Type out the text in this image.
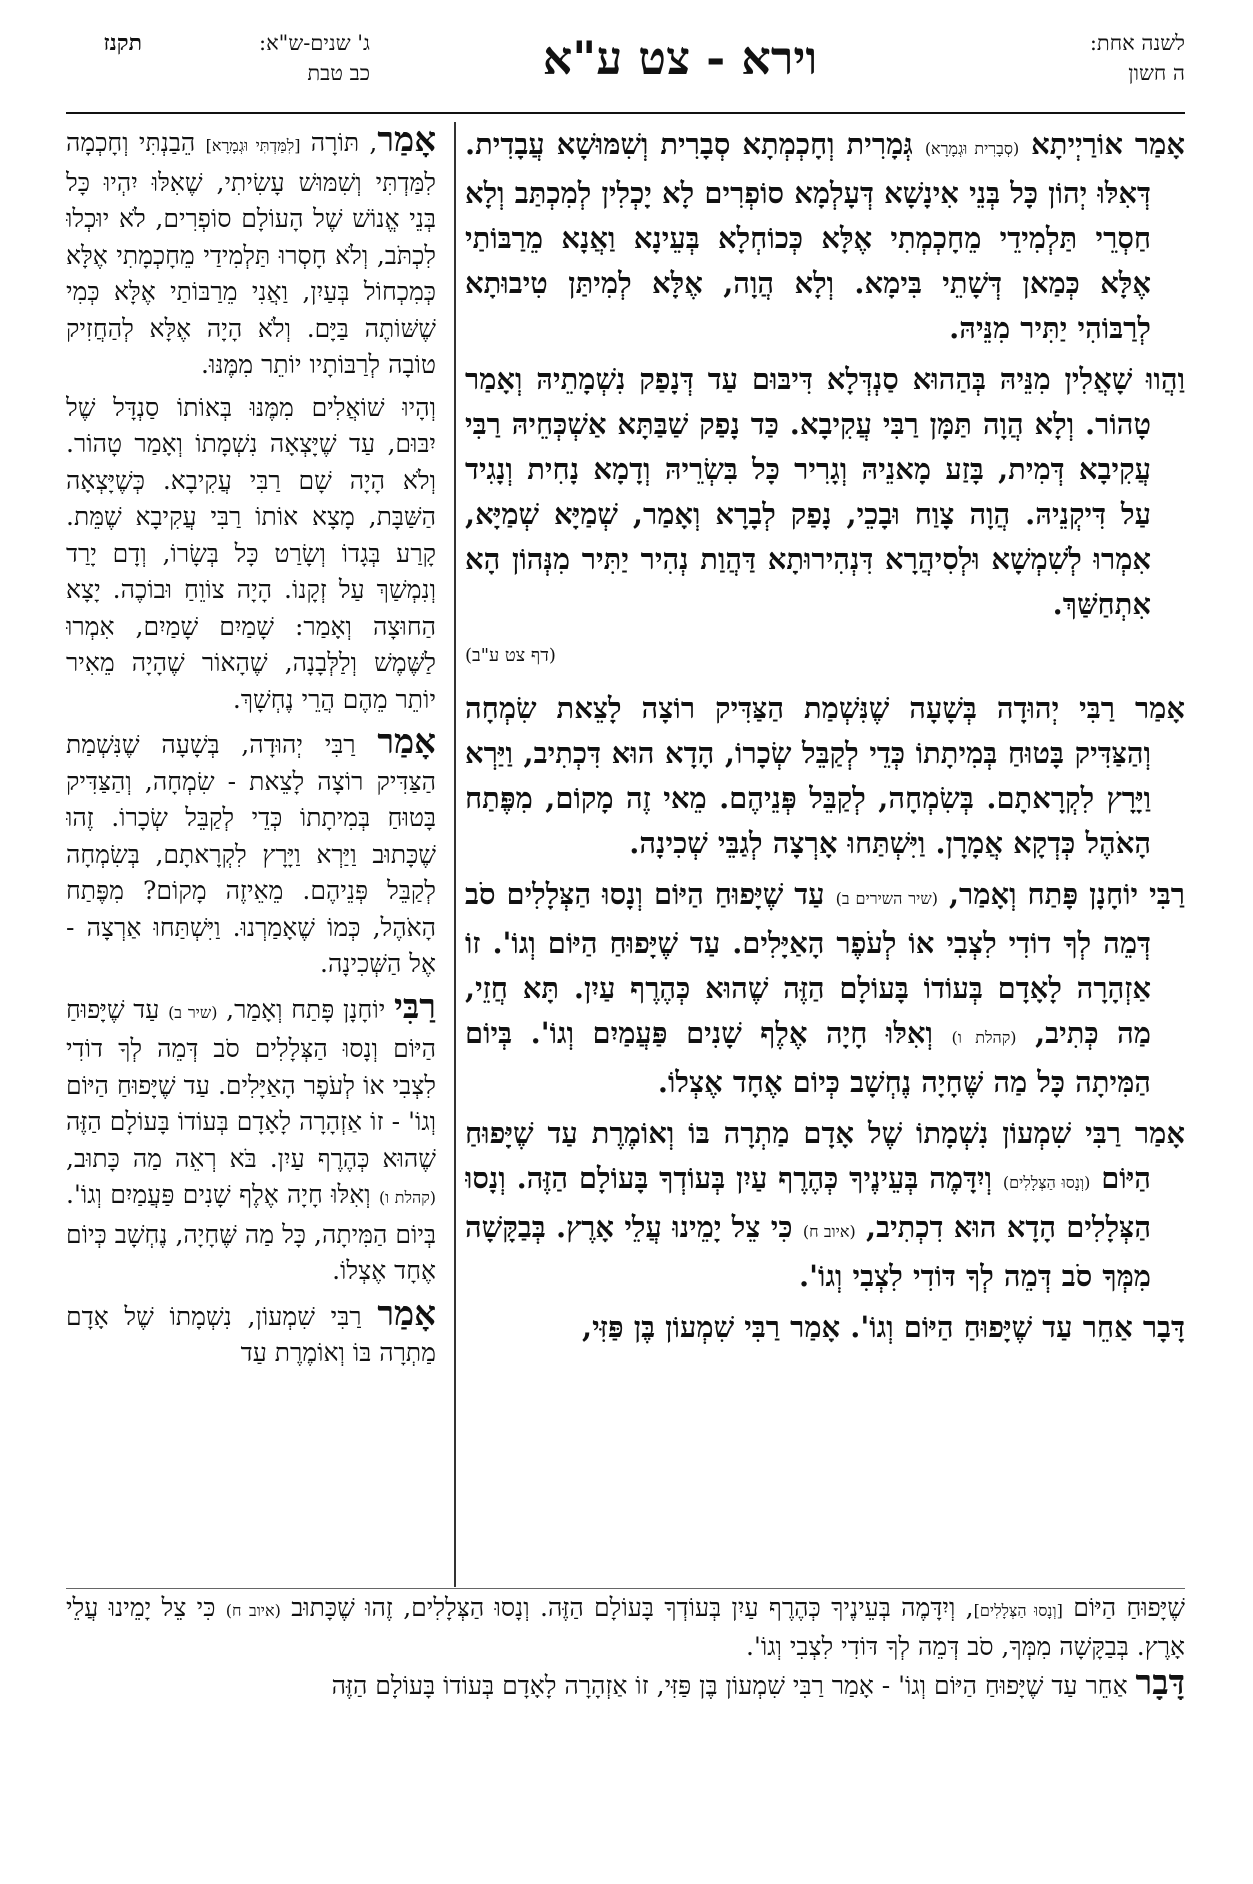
לשנה אחת:
ה חשון
וירא - צט ע"א
ג' שנים-ש"א:
כב טבת
תקנז

אָמַר אוֹרַיְיתָא (סְבָרִית וּגְמָרָא) גְּמָרִית וְחָכְמְתָא סְבָרִית וְשִׁמּוּשָׁא עֲבָדִית. דְּאִלּוּ יְהוֹן כָּל בְּנֵי אִינָשָׁא דְּעָלְמָא סוֹפְרִים לָא יָכְלִין לְמִכְתַּב וְלָא חַסְרֵי תַּלְמִידֵי מֵחָכְמְתִי אֶלָּא כְּכוֹחְלָא בְּעֵינָא וַאֲנָא מֵרַבּוֹתַי אֶלָּא כְּמַאן דְּשָׁתֵי בִּימָא. וְלָא הֲוָה, אֶלָּא לְמִיתַּן טִיבוּתָא לְרַבּוֹהִי יַתִּיר מִנֵּיהּ.

וַהֲווּ שָׁאֲלִין מִנֵּיהּ בְּהַהוּא סַנְדְּלָא דִּיבּוּם עַד דְּנָפַק נִשְׁמָתֵיהּ וְאָמַר טָהוֹר. וְלָא הֲוָה תַּמָּן רַבִּי עֲקִיבָא. כַּד נָפַק שַׁבַּתָּא אַשְׁכְּחֵיהּ רַבִּי עֲקִיבָא דְּמִית, בָּזַע מָאנֵיהּ וְגָרִיר כָּל בִּשְׂרֵיהּ וְדָמָא נָחִית וְנָגִיד עַל דִּיקְנֵיהּ. הֲוָה צָוַח וּבָכֵי, נָפַק לְבָרָא וְאָמַר, שְׁמַיָּא שְׁמַיָּא, אִמְרוּ לְשִׁמְשָׁא וּלְסִיהֲרָא דִּנְהִירוּתָא דַּהֲוַת נְהִיר יַתִּיר מִנְּהוֹן הָא אִתְחַשַּׁךְ.

(דף צט ע"ב)

אָמַר רַבִּי יְהוּדָה בְּשָׁעָה שֶׁנִּשְׁמַת הַצַּדִּיק רוֹצָה לָצֵאת שִׂמְחָה וְהַצַּדִּיק בָּטוּחַ בְּמִיתָתוֹ כְּדֵי לְקַבֵּל שְׂכָרוֹ, הָדָא הוּא דִּכְתִיב, וַיַּרְא וַיָּרָץ לִקְרָאתָם. בְּשִׂמְחָה, לְקַבֵּל פְּנֵיהֶם. מֵאי זֶה מָקוֹם, מִפֶּתַח הָאֹהֶל כְּדְקָא אֲמָרָן. וַיִּשְׁתַּחוּ אָרְצָה לְגַבֵּי שְׁכִינָה.

רַבִּי יוֹחָנָן פָּתַח וְאָמַר, (שיר השירים ב) עַד שֶׁיָּפוּחַ הַיּוֹם וְנָסוּ הַצְּלָלִים סֹב דְּמֵה לְךָ דוֹדִי לִצְבִי אוֹ לְעֹפֶר הָאַיָּלִים. עַד שֶׁיָּפוּחַ הַיּוֹם וְגוֹ'. זוֹ אַזְהָרָה לָאָדָם בְּעוֹדוֹ בָּעוֹלָם הַזֶּה שֶׁהוּא כְּהֶרֶף עַיִן. תָּא חֲזֵי, מַה כְּתִיב, (קהלת ו) וְאִלּוּ חָיָה אֶלֶף שָׁנִים פַּעֲמַיִם וְגוֹ'. בְּיוֹם הַמִּיתָה כָּל מַה שֶּׁחָיָה נֶחְשָׁב כְּיוֹם אֶחָד אֶצְלוֹ.

אָמַר רַבִּי שִׁמְעוֹן נִשְׁמָתוֹ שֶׁל אָדָם מַתְרָה בּוֹ וְאוֹמֶרֶת עַד שֶׁיָּפוּחַ הַיּוֹם (וְנָסוּ הַצְּלָלִים) וְיִדָּמֶה בְּעֵינֶיךָ כְּהֶרֶף עַיִן בְּעוֹדְךָ בָּעוֹלָם הַזֶּה. וְנָסוּ הַצְּלָלִים הָדָא הוּא דִכְתִיב, (איוב ח) כִּי צֵל יָמֵינוּ עֲלֵי אָרֶץ. בְּבַקָּשָׁה מִמְּךָ סֹב דְּמֵה לְךָ דּוֹדִי לִצְבִי וְגוֹ'.

דָּבָר אַחֵר עַד שֶׁיָּפוּחַ הַיּוֹם וְגוֹ'. אָמַר רַבִּי שִׁמְעוֹן בֶּן פַּזִּי,

אָמַר, תּוֹרָה [לִמַּדְתִּי וּגְמָרָא] הֵבַנְתִּי וְחָכְמָה לִמַּדְתִּי וְשִׁמּוּשׁ עָשִׂיתִי, שֶׁאִלּוּ יִהְיוּ כָּל בְּנֵי אֱנוֹשׁ שֶׁל הָעוֹלָם סוֹפְרִים, לֹא יוּכְלוּ לִכְתֹּב, וְלֹא חָסְרוּ תַּלְמִידַי מֵחָכְמָתִי אֶלָּא כְּמִכְחוֹל בְּעַיִן, וַאֲנִי מֵרַבּוֹתַי אֶלָּא כְּמִי שֶׁשּׁוֹתֶה בַּיָּם. וְלֹא הָיָה אֶלָּא לְהַחֲזִיק טוֹבָה לְרַבּוֹתָיו יוֹתֵר מִמֶּנּוּ.

וְהָיוּ שׁוֹאֲלִים מִמֶּנּוּ בְּאוֹתוֹ סַנְדָּל שֶׁל יִבּוּם, עַד שֶׁיָּצְאָה נִשְׁמָתוֹ וְאָמַר טָהוֹר. וְלֹא הָיָה שָׁם רַבִּי עֲקִיבָא. כְּשֶׁיָּצְאָה הַשַּׁבָּת, מָצָא אוֹתוֹ רַבִּי עֲקִיבָא שֶׁמֵּת. קָרַע בְּגָדוֹ וְשָׂרַט כָּל בְּשָׂרוֹ, וְדָם יָרַד וְנִמְשַׁךְ עַל זְקָנוֹ. הָיָה צוֹוֵחַ וּבוֹכֶה. יָצָא הַחוּצָה וְאָמַר: שָׁמַיִם שָׁמַיִם, אִמְרוּ לַשֶּׁמֶשׁ וְלַלְּבָנָה, שֶׁהָאוֹר שֶׁהָיָה מֵאִיר יוֹתֵר מֵהֶם הֲרֵי נֶחְשָׁךְ.

אָמַר רַבִּי יְהוּדָה, בְּשָׁעָה שֶׁנִּשְׁמַת הַצַּדִּיק רוֹצָה לָצֵאת - שִׂמְחָה, וְהַצַּדִּיק בָּטוּחַ בְּמִיתָתוֹ כְּדֵי לְקַבֵּל שְׂכָרוֹ. זֶהוּ שֶׁכָּתוּב וַיַּרְא וַיָּרָץ לִקְרָאתָם, בְּשִׂמְחָה לְקַבֵּל פְּנֵיהֶם. מֵאֵיזֶה מָקוֹם? מִפֶּתַח הָאֹהֶל, כְּמוֹ שֶׁאָמַרְנוּ. וַיִּשְׁתַּחוּ אַרְצָה - אֶל הַשְּׁכִינָה.

רַבִּי יוֹחָנָן פָּתַח וְאָמַר, (שיר ב) עַד שֶׁיָּפוּחַ הַיּוֹם וְנָסוּ הַצְּלָלִים סֹב דְּמֵה לְךָ דוֹדִי לִצְבִי אוֹ לְעֹפֶר הָאַיָּלִים. עַד שֶׁיָּפוּחַ הַיּוֹם וְגוֹ' - זוֹ אַזְהָרָה לָאָדָם בְּעוֹדוֹ בָּעוֹלָם הַזֶּה שֶׁהוּא כְּהֶרֶף עַיִן. בֹּא רְאֵה מַה כָּתוּב, (קהלת ו) וְאִלּוּ חָיָה אֶלֶף שָׁנִים פַּעֲמַיִם וְגוֹ'. בְּיוֹם הַמִּיתָה, כָּל מַה שֶּׁחָיָה, נֶחְשָׁב כְּיוֹם אֶחָד אֶצְלוֹ.

אָמַר רַבִּי שִׁמְעוֹן, נִשְׁמָתוֹ שֶׁל אָדָם מַתְרָה בּוֹ וְאוֹמֶרֶת עַד

שֶׁיָּפוּחַ הַיּוֹם [וְנָסוּ הַצְּלָלִים], וְיִדָּמֶה בְּעֵינֶיךָ כְּהֶרֶף עַיִן בְּעוֹדְךָ בָּעוֹלָם הַזֶּה. וְנָסוּ הַצְּלָלִים, זֶהוּ שֶׁכָּתוּב (איוב ח) כִּי צֵל יָמֵינוּ עֲלֵי אָרֶץ. בְּבַקָּשָׁה מִמְּךָ, סֹב דְּמֵה לְךָ דּוֹדִי לִצְבִי וְגוֹ'.

דָּבָר אַחֵר עַד שֶׁיָּפוּחַ הַיּוֹם וְגוֹ' - אָמַר רַבִּי שִׁמְעוֹן בֶּן פַּזִּי, זוֹ אַזְהָרָה לָאָדָם בְּעוֹדוֹ בָּעוֹלָם הַזֶּה
